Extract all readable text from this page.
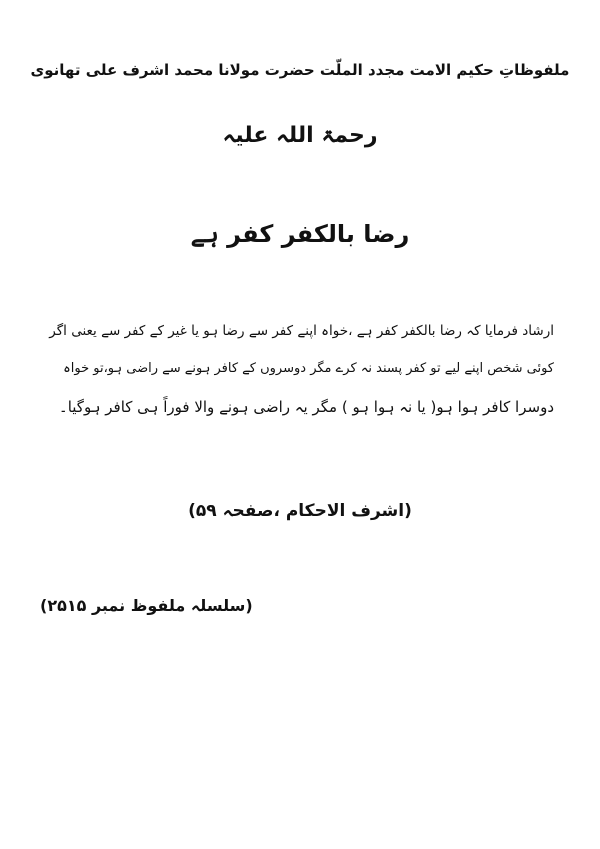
ملفوظاتِ حکیم الامت مجدد الملّت حضرت مولانا محمد اشرف علی تھانوی
رحمۃ اللہ علیہ
رضا بالکفر کفر ہے
ارشاد فرمایا کہ رضا بالکفر کفر ہے ،خواہ اپنے کفر سے رضا ہو یا غیر کے کفر سے یعنی اگر
کوئی شخص اپنے لیے تو کفر پسند نہ کرے مگر دوسروں کے کافر ہونے سے راضی ہو،تو خواہ
دوسرا کافر ہوا ہو( یا نہ ہوا ہو ) مگر یہ راضی ہونے والا فوراً ہی کافر ہوگیا۔
(اشرف الاحکام ،صفحہ ۵۹)
(سلسلہ ملفوظ نمبر ۲۵۱۵)
